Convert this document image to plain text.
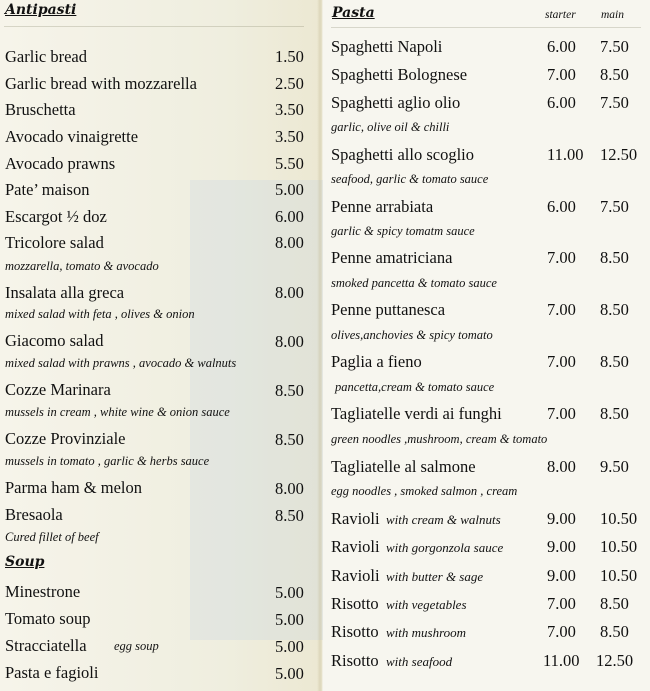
Antipasti
Garlic bread	1.50
Garlic bread with mozzarella	2.50
Bruschetta	3.50
Avocado vinaigrette	3.50
Avocado prawns	5.50
Pate’ maison	5.00
Escargot ½ doz	6.00
Tricolore salad	8.00
mozzarella, tomato & avocado
Insalata alla greca	8.00
mixed salad with feta , olives & onion
Giacomo salad	8.00
mixed salad with prawns , avocado & walnuts
Cozze Marinara	8.50
mussels in cream , white wine & onion sauce
Cozze Provinziale	8.50
mussels in tomato , garlic & herbs sauce
Parma ham & melon	8.00
Bresaola	8.50
Cured fillet of beef
Soup
Minestrone	5.00
Tomato soup	5.00
Stracciatella egg soup	5.00
Pasta e fagioli	5.00
Pasta	starter main
Spaghetti Napoli	6.00 7.50
Spaghetti Bolognese	7.00 8.50
Spaghetti aglio olio	6.00 7.50
garlic, olive oil & chilli
Spaghetti allo scoglio	11.00 12.50
seafood, garlic & tomato sauce
Penne arrabiata	6.00 7.50
garlic & spicy tomatm sauce
Penne amatriciana	7.00 8.50
smoked pancetta & tomato sauce
Penne puttanesca	7.00 8.50
olives,anchovies & spicy tomato
Paglia a fieno	7.00 8.50
pancetta,cream & tomato sauce
Tagliatelle verdi ai funghi	7.00 8.50
green noodles ,mushroom, cream & tomato
Tagliatelle al salmone	8.00 9.50
egg noodles , smoked salmon , cream
Ravioli with cream & walnuts	9.00 10.50
Ravioli with gorgonzola sauce	9.00 10.50
Ravioli with butter & sage	9.00 10.50
Risotto with vegetables	7.00 8.50
Risotto with mushroom	7.00 8.50
Risotto with seafood	11.00 12.50
